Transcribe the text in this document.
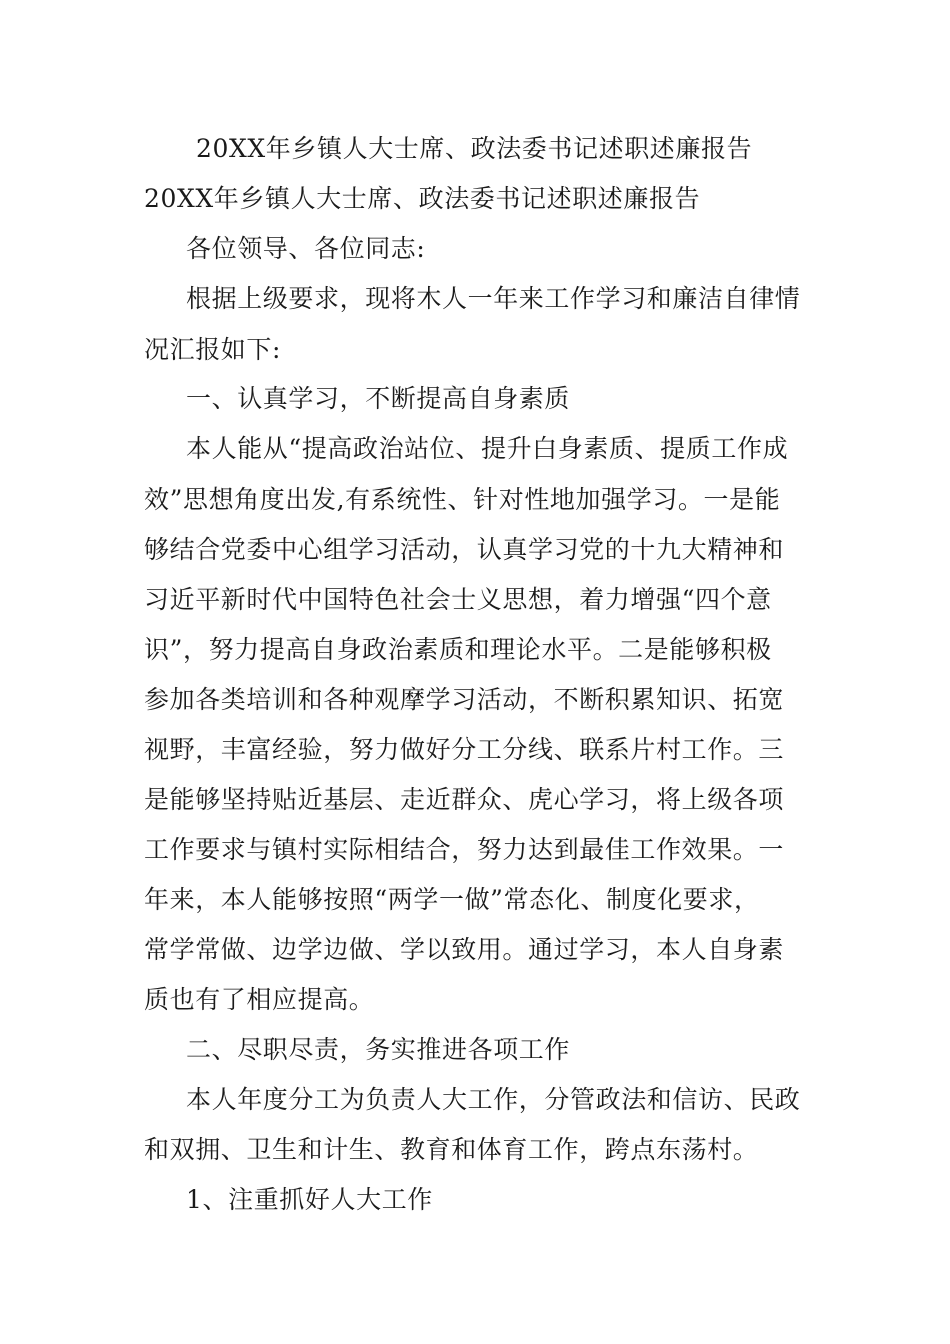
20XX年乡镇人大士席、政法委书记述职述廉报告
20XX年乡镇人大士席、政法委书记述职述廉报告
各位领导、各位同志:
根据上级要求，现将木人一年来工作学习和廉洁自律情
况汇报如下:
一、认真学习，不断提高自身素质
本人能从“提高政治站位、提升白身素质、提质工作成
效”思想角度出发,有系统性、针对性地加强学习。一是能
够结合党委中心组学习活动，认真学习党的十九大精神和
习近平新时代中国特色社会士义思想，着力增强“四个意
识”，努力提高自身政治素质和理论水平。二是能够积极
参加各类培训和各种观摩学习活动，不断积累知识、拓宽
视野，丰富经验，努力做好分工分线、联系片村工作。三
是能够坚持贴近基层、走近群众、虎心学习，将上级各项
工作要求与镇村实际相结合，努力达到最佳工作效果。一
年来，本人能够按照“两学一做”常态化、制度化要求，
常学常做、边学边做、学以致用。通过学习，本人自身素
质也有了相应提高。
二、尽职尽责，务实推进各项工作
本人年度分工为负责人大工作，分管政法和信访、民政
和双拥、卫生和计生、教育和体育工作，跨点东荡村。
1、注重抓好人大工作
